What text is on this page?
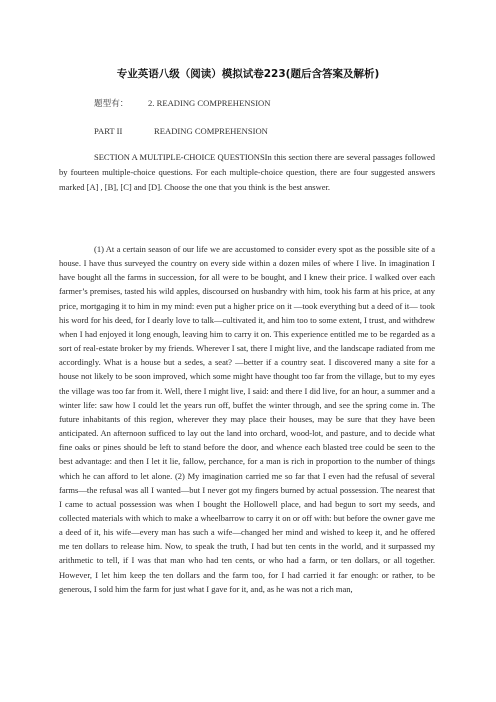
专业英语八级（阅读）模拟试卷223(题后含答案及解析)
题型有： 2. READING COMPREHENSION
PART II	READING COMPREHENSION
SECTION A MULTIPLE-CHOICE QUESTIONSIn this section there are several passages followed by fourteen multiple-choice questions. For each multiple-choice question, there are four suggested answers marked [A] , [B], [C] and [D]. Choose the one that you think is the best answer.
(1) At a certain season of our life we are accustomed to consider every spot as the possible site of a house. I have thus surveyed the country on every side within a dozen miles of where I live. In imagination I have bought all the farms in succession, for all were to be bought, and I knew their price. I walked over each farmer’s premises, tasted his wild apples, discoursed on husbandry with him, took his farm at his price, at any price, mortgaging it to him in my mind: even put a higher price on it —took everything but a deed of it— took his word for his deed, for I dearly love to talk—cultivated it, and him too to some extent, I trust, and withdrew when I had enjoyed it long enough, leaving him to carry it on. This experience entitled me to be regarded as a sort of real-estate broker by my friends. Wherever I sat, there I might live, and the landscape radiated from me accordingly. What is a house but a sedes, a seat? —better if a country seat. I discovered many a site for a house not likely to be soon improved, which some might have thought too far from the village, but to my eyes the village was too far from it. Well, there I might live, I said: and there I did live, for an hour, a summer and a winter life: saw how I could let the years run off, buffet the winter through, and see the spring come in. The future inhabitants of this region, wherever they may place their houses, may be sure that they have been anticipated. An afternoon sufficed to lay out the land into orchard, wood-lot, and pasture, and to decide what fine oaks or pines should be left to stand before the door, and whence each blasted tree could be seen to the best advantage: and then I let it lie, fallow, perchance, for a man is rich in proportion to the number of things which he can afford to let alone. (2) My imagination carried me so far that I even had the refusal of several farms—the refusal was all I wanted—but I never got my fingers burned by actual possession. The nearest that I came to actual possession was when I bought the Hollowell place, and had begun to sort my seeds, and collected materials with which to make a wheelbarrow to carry it on or off with: but before the owner gave me a deed of it, his wife—every man has such a wife—changed her mind and wished to keep it, and he offered me ten dollars to release him. Now, to speak the truth, I had but ten cents in the world, and it surpassed my arithmetic to tell, if I was that man who had ten cents, or who had a farm, or ten dollars, or all together. However, I let him keep the ten dollars and the farm too, for I had carried it far enough: or rather, to be generous, I sold him the farm for just what I gave for it, and, as he was not a rich man,
